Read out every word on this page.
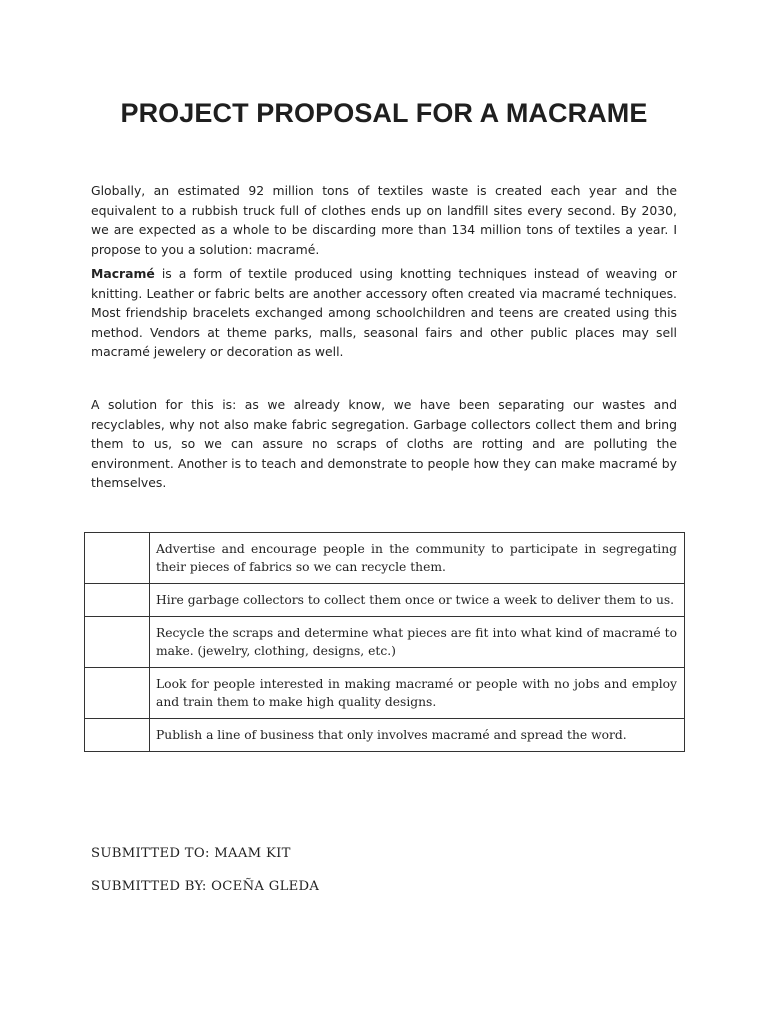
PROJECT PROPOSAL FOR A MACRAME
Globally, an estimated 92 million tons of textiles waste is created each year and the equivalent to a rubbish truck full of clothes ends up on landfill sites every second. By 2030, we are expected as a whole to be discarding more than 134 million tons of textiles a year. I propose to you a solution: macramé.
Macramé is a form of textile produced using knotting techniques instead of weaving or knitting. Leather or fabric belts are another accessory often created via macramé techniques. Most friendship bracelets exchanged among schoolchildren and teens are created using this method. Vendors at theme parks, malls, seasonal fairs and other public places may sell macramé jewelery or decoration as well.
A solution for this is: as we already know, we have been separating our wastes and recyclables, why not also make fabric segregation. Garbage collectors collect them and bring them to us, so we can assure no scraps of cloths are rotting and are polluting the environment. Another is to teach and demonstrate to people how they can make macramé by themselves.
	Advertise and encourage people in the community to participate in segregating their pieces of fabrics so we can recycle them.
	Hire garbage collectors to collect them once or twice a week to deliver them to us.
	Recycle the scraps and determine what pieces are fit into what kind of macramé to make. (jewelry, clothing, designs, etc.)
	Look for people interested in making macramé or people with no jobs and employ and train them to make high quality designs.
	Publish a line of business that only involves macramé and spread the word.
SUBMITTED TO: MAAM KIT
SUBMITTED BY: OCEÑA GLEDA
